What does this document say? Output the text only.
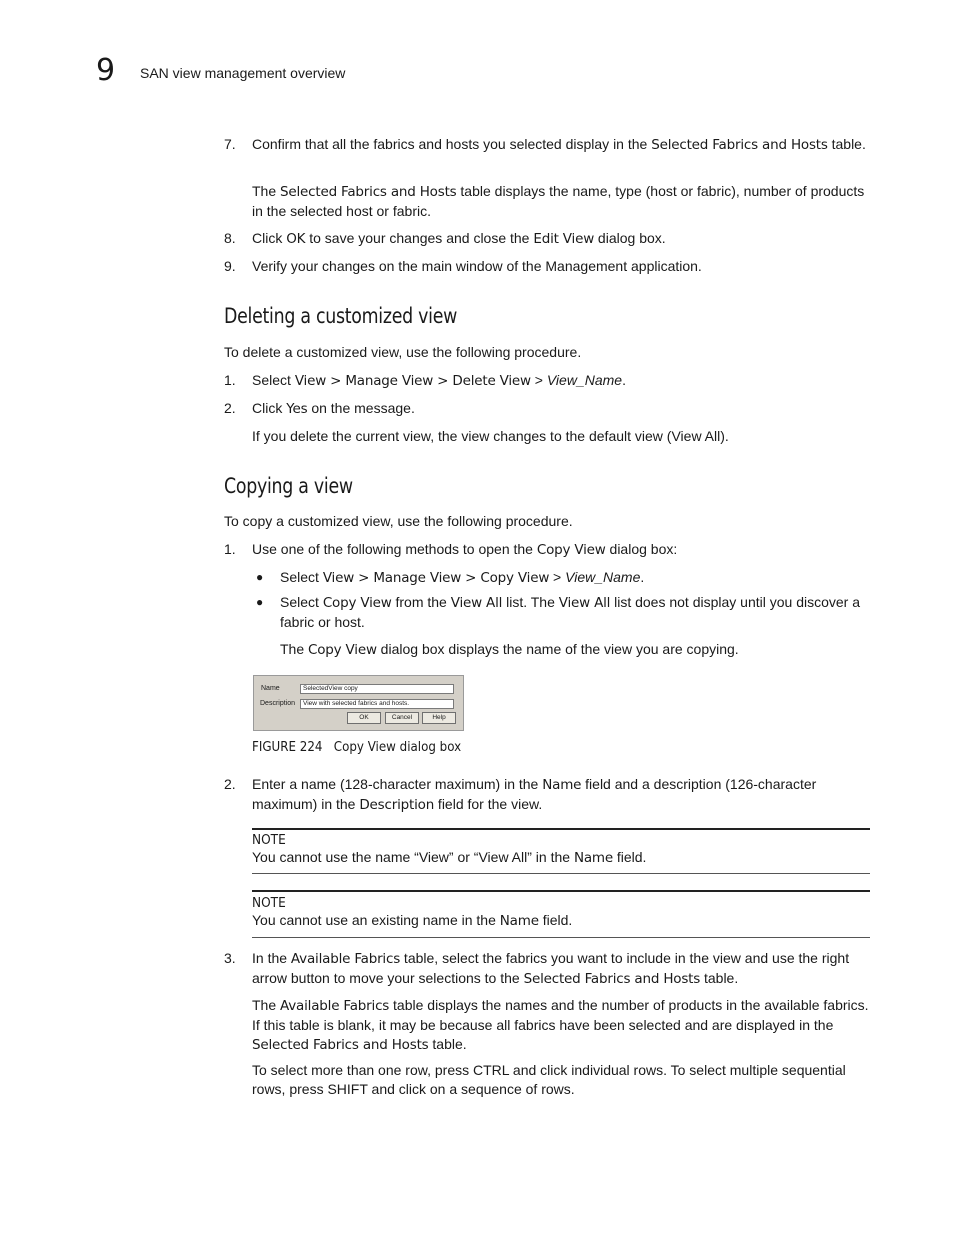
9 SAN view management overview
7. Confirm that all the fabrics and hosts you selected display in the Selected Fabrics and Hosts table.
The Selected Fabrics and Hosts table displays the name, type (host or fabric), number of products in the selected host or fabric.
8. Click OK to save your changes and close the Edit View dialog box.
9. Verify your changes on the main window of the Management application.
Deleting a customized view
To delete a customized view, use the following procedure.
1. Select View > Manage View > Delete View > View_Name.
2. Click Yes on the message.
If you delete the current view, the view changes to the default view (View All).
Copying a view
To copy a customized view, use the following procedure.
1. Use one of the following methods to open the Copy View dialog box:
● Select View > Manage View > Copy View > View_Name.
● Select Copy View from the View All list. The View All list does not display until you discover a fabric or host.
The Copy View dialog box displays the name of the view you are copying.
Name	SelectedView copy
Description	View with selected fabrics and hosts.
OK	Cancel	Help
FIGURE 224 Copy View dialog box
2. Enter a name (128-character maximum) in the Name field and a description (126-character maximum) in the Description field for the view.
NOTE
You cannot use the name “View” or “View All” in the Name field.
NOTE
You cannot use an existing name in the Name field.
3. In the Available Fabrics table, select the fabrics you want to include in the view and use the right arrow button to move your selections to the Selected Fabrics and Hosts table.
The Available Fabrics table displays the names and the number of products in the available fabrics. If this table is blank, it may be because all fabrics have been selected and are displayed in the Selected Fabrics and Hosts table.
To select more than one row, press CTRL and click individual rows. To select multiple sequential rows, press SHIFT and click on a sequence of rows.
